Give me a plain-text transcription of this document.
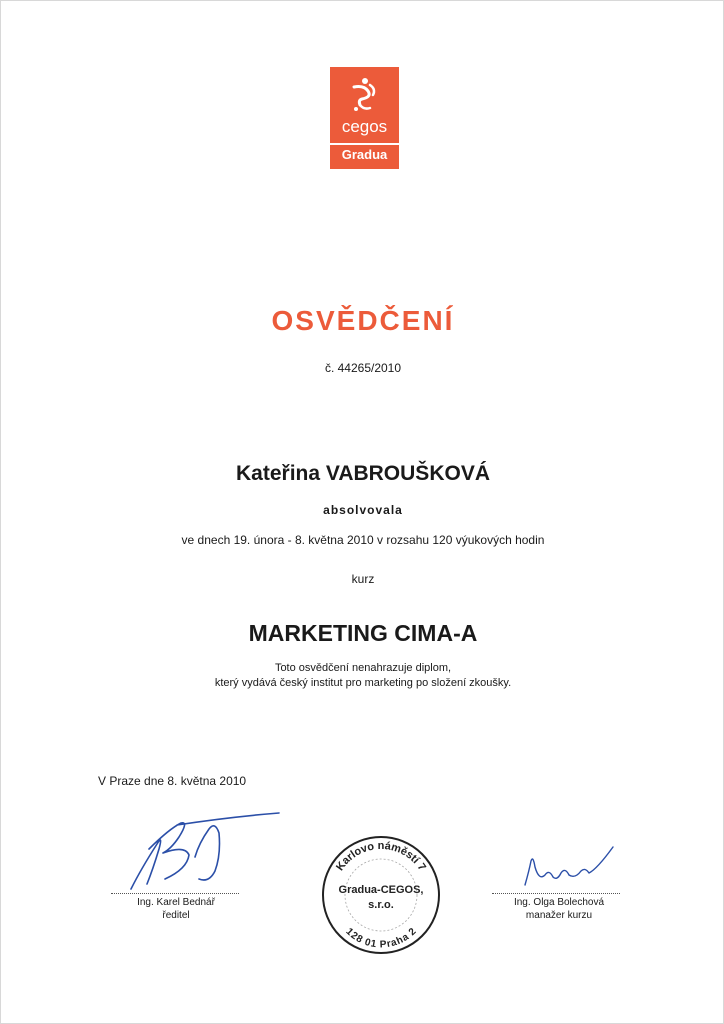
cegos
Gradua
OSVĚDČENÍ
č. 44265/2010
Kateřina VABROUŠKOVÁ
absolvovala
ve dnech 19. února - 8. května 2010 v rozsahu 120 výukových hodin
kurz
MARKETING CIMA-A
Toto osvědčení nenahrazuje diplom,
který vydává český institut pro marketing po složení zkoušky.
V Praze dne 8. května 2010
Ing. Karel Bednář
ředitel
Ing. Olga Bolechová
manažer kurzu
Karlovo náměstí 7
Gradua-CEGOS,
s.r.o.
128 01 Praha 2
